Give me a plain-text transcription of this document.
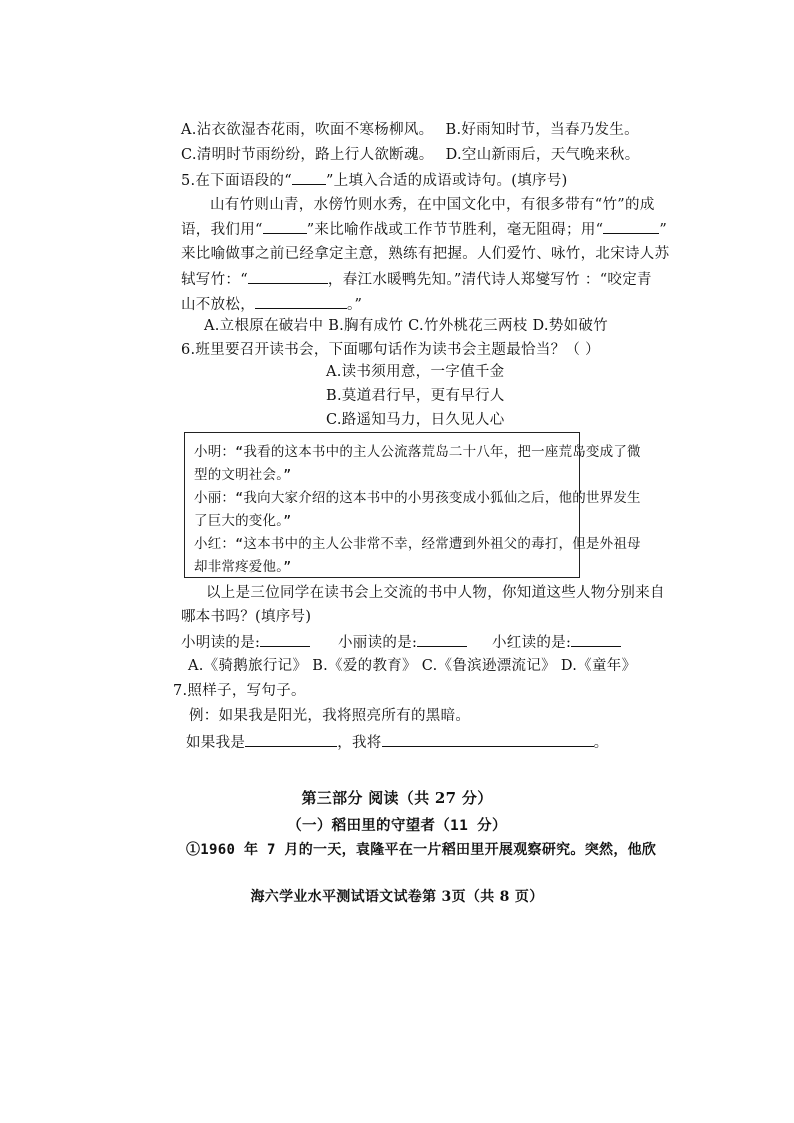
A.沾衣欲湿杏花雨，吹面不寒杨柳风。 B.好雨知时节，当春乃发生。
C.清明时节雨纷纷，路上行人欲断魂。 D.空山新雨后，天气晚来秋。
5.在下面语段的“ ”上填入合适的成语或诗句。(填序号)
山有竹则山青，水傍竹则水秀，在中国文化中，有很多带有“竹”的成
语，我们用“	”来比喻作战或工作节节胜利，毫无阻碍；用“	”
来比喻做事之前已经拿定主意，熟练有把握。人们爱竹、咏竹，北宋诗人苏
轼写竹：“	，春江水暖鸭先知。”清代诗人郑燮写竹 ：“咬定青
山不放松，	。”
A.立根原在破岩中 B.胸有成竹 C.竹外桃花三两枝 D.势如破竹
6.班里要召开读书会，下面哪句话作为读书会主题最恰当？（ ）
A.读书须用意，一字值千金
B.莫道君行早，更有早行人
C.路遥知马力，日久见人心
小明：“我看的这本书中的主人公流落荒岛二十八年，把一座荒岛变成了微
型的文明社会。”
小丽：“我向大家介绍的这本书中的小男孩变成小狐仙之后，他的世界发生
了巨大的变化。”
小红：“这本书中的主人公非常不幸，经常遭到外祖父的毒打，但是外祖母
却非常疼爱他。”
以上是三位同学在读书会上交流的书中人物，你知道这些人物分别来自
哪本书吗？(填序号)
小明读的是:	小丽读的是:	小红读的是:
A.《骑鹅旅行记》 B.《爱的教育》 C.《鲁滨逊漂流记》 D.《童年》
7.照样子，写句子。
例：如果我是阳光，我将照亮所有的黑暗。
如果我是	，我将	。
第三部分 阅读（共 27 分）
（一）稻田里的守望者（11 分）
①1960 年 7 月的一天，袁隆平在一片稻田里开展观察研究。突然，他欣
海六学业水平测试语文试卷第 3页（共 8 页）
